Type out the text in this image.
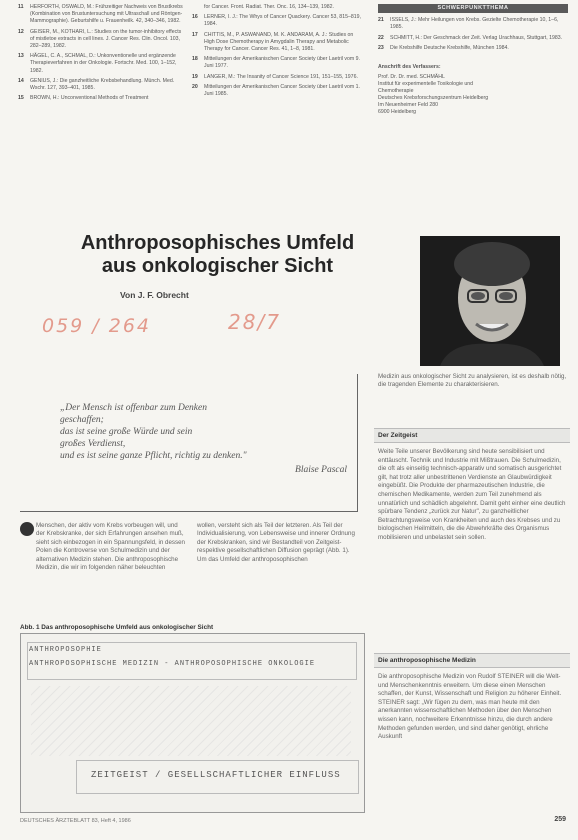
11	HERFORTH, OSWALD, M.: Frühzeitiger Nachweis von Brustkrebs (Kombination von Brustuntersuchung mit Ultraschall und Röntgen-Mammographie). Geburtshilfe u. Frauenheilk. 42, 340–346, 1982.
12	GEISER, M., KOTHARI, L.: Studies on the tumor-inhibitory effects of mistletoe extracts in cell lines. J. Cancer Res. Clin. Oncol. 103, 282–289, 1982.
13	HÄGEL, C. A., SCHMAL, D.: Unkonventionelle und ergänzende Therapieverfahren in der Onkologie. Fortschr. Med. 100, 1–152, 1982.
14	GENIUS, J.: Die ganzheitliche Krebsbehandlung. Münch. Med. Wschr. 127, 393–401, 1985.
15	BROWN, H.: Unconventional Methods of Treatment
for Cancer. Front. Radiat. Ther. Onc. 16, 134–139, 1982.
16	LERNER, I. J.: The Whys of Cancer Quackery. Cancer 53, 815–819, 1984.
17	CHITTIS, M., P. ASWANAND, M. K. ANDARAM, A. J.: Studies on High Dose Chemotherapy in Amygdalin Therapy and Metabolic Therapy for Cancer. Cancer Res. 41, 1–8, 1981.
18	Mitteilungen der Amerikanischen Cancer Society über Laetril vom 9. Juni 1977.
19	LANGER, M.: The Insanity of Cancer Science 191, 151–155, 1976.
20	Mitteilungen der Amerikanischen Cancer Society über Laetril vom 1. Juni 1985.
SCHWERPUNKTTHEMA
21	ISSELS, J.: Mehr Heilungen von Krebs. Gezielte Chemotherapie 10, 1–6, 1985.
22	SCHMITT, H.: Der Geschmack der Zeit. Verlag Urachhaus, Stuttgart, 1983.
23	Die Krebshilfe Deutsche Krebshilfe, München 1984.
Anschrift des Verfassers:
Prof. Dr. Dr. med. SCHMÄHL
Institut für experimentelle Toxikologie und
Chemotherapie
Deutsches Krebsforschungszentrum Heidelberg
Im Neuenheimer Feld 280
6900 Heidelberg
Anthroposophisches Umfeld
aus onkologischer Sicht
Von J. F. Obrecht
059 / 264	28/7
„Der Mensch ist offenbar zum Denken
geschaffen;
das ist seine große Würde und sein
großes Verdienst,
und es ist seine ganze Pflicht, richtig zu denken."
Blaise Pascal
Medizin aus onkologischer Sicht zu analysieren, ist es deshalb nötig, die tragenden Elemente zu charakterisieren.
Der Zeitgeist
Weite Teile unserer Bevölkerung sind heute sensibilisiert und enttäuscht. Technik und Industrie mit Mißtrauen. Die Schulmedizin, die oft als einseitig technisch-apparativ und somatisch ausgerichtet gilt, hat trotz aller unbestrittenen Verdienste an Glaubwürdigkeit eingebüßt. Die Produkte der pharmazeutischen Industrie, die chemischen Medikamente, werden zum Teil zunehmend als unnatürlich und schädlich abgelehnt. Damit geht einher eine deutlich spürbare Tendenz „zurück zur Natur", zu ganzheitlicher Betrachtungsweise von Krankheiten und auch des Krebses und zu biologischen Heilmitteln, die die Abwehrkräfte des Organismus mobilisieren und unbelastet sein sollen.
Die anthroposophische Medizin
Die anthroposophische Medizin von Rudolf STEINER will die Welt- und Menschenkenntnis erweitern. Um diese einen Menschen schaffen, der Kunst, Wissenschaft und Religion zu höherer Einheit. STEINER sagt: „Wir fügen zu dem, was man heute mit den anerkannten wissenschaftlichen Methoden über den Menschen wissen kann, nochweitere Erkenntnisse hinzu, die durch andere Methoden gefunden werden, und sind daher genötigt, ehrliche Auskunft
Menschen, der aktiv vom Krebs vorbeugen will, und der Krebskranke, der sich Erfahrungen ansehen muß, sieht sich einbezogen in ein Spannungsfeld, in dessen Polen die Kontroverse von Schulmedizin und der alternativen Medizin stehen. Die anthroposophische Medizin, die wir im folgenden näher beleuchten
wollen, versteht sich als Teil der letzteren. Als Teil der Individualisierung, von Lebensweise und innerer Ordnung der Krebskranken, sind wir Bestandteil von Zeitgeist-respektive gesellschaftlichen Diffusion geprägt (Abb. 1). Um das Umfeld der anthroposophischen
Abb. 1 Das anthroposophische Umfeld aus onkologischer Sicht
ANTHROPOSOPHIE
ANTHROPOSOPHISCHE MEDIZIN - ANTHROPOSOPHISCHE ONKOLOGIE
ZEITGEIST / GESELLSCHAFTLICHER EINFLUSS
DEUTSCHES ÄRZTEBLATT 83, Heft 4, 1986	259
